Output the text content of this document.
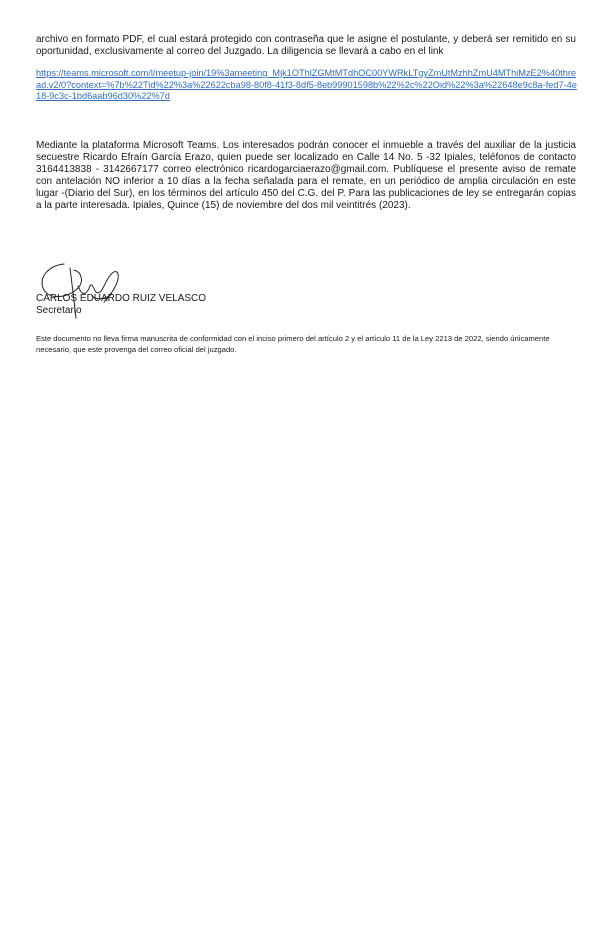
archivo en formato PDF, el cual estará protegido con contraseña que le asigne el postulante, y deberá ser remitido en su oportunidad, exclusivamente al correo del Juzgado. La diligencia se llevará a cabo en el link

https://teams.microsoft.com/l/meetup-join/19%3ameeting_Mjk1OThlZGMtMTdhOC00YWRkLTgyZmUtMzhhZmU4MThiMzE2%40thread.v2/0?context=%7b%22Tid%22%3a%22622cba98-80f8-41f3-8df5-8eb99901598b%22%2c%22Oid%22%3a%22648e9c8a-fed7-4e18-9c3c-1bd6aab96d30%22%7d

Mediante la plataforma Microsoft Teams. Los interesados podrán conocer el inmueble a través del auxiliar de la justicia secuestre Ricardo Efraín García Erazo, quien puede ser localizado en Calle 14 No. 5 -32 Ipiales, teléfonos de contacto 3164413838 - 3142667177 correo electrónico ricardogarciaerazo@gmail.com. Publíquese el presente aviso de remate con antelación NO inferior a 10 días a la fecha señalada para el remate, en un periódico de amplia circulación en este lugar -(Diario del Sur), en los términos del artículo 450 del C.G. del P. Para las publicaciones de ley se entregarán copias a la parte interesada. Ipiales, Quince (15) de noviembre del dos mil veintitrés (2023).

CARLOS EDUARDO RUIZ VELASCO
Secretario

Este documento no lleva firma manuscrita de conformidad con el inciso primero del artículo 2 y el artículo 11 de la Ley 2213 de 2022, siendo únicamente necesario, que este provenga del correo oficial del juzgado.
